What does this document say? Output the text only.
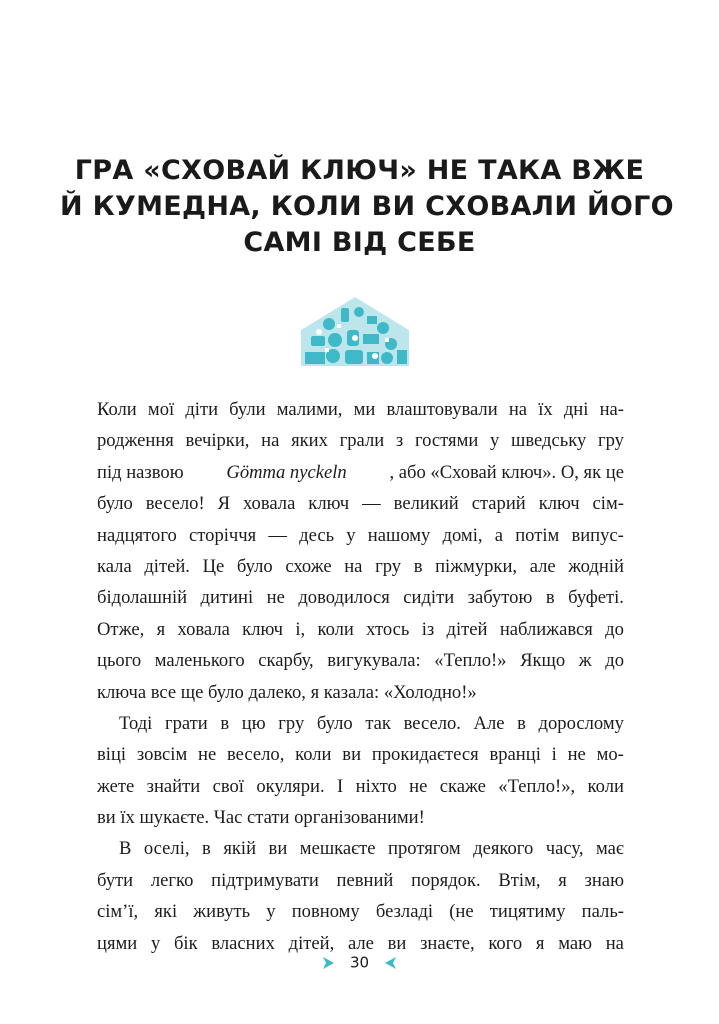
ГРА «СХОВАЙ КЛЮЧ» НЕ ТАКА ВЖЕ
Й КУМЕДНА, КОЛИ ВИ СХОВАЛИ ЙОГО
САМІ ВІД СЕБЕ
Коли мої діти були малими, ми влаштовували на їх дні на-
родження вечірки, на яких грали з гостями у шведську гру
під назвою Gömma nyckeln , або «Сховай ключ». О, як це
було весело! Я ховала ключ — великий старий ключ сім-
надцятого сторіччя — десь у нашому домі, а потім випус-
кала дітей. Це було схоже на гру в піжмурки, але жодній
бідолашній дитині не доводилося сидіти забутою в буфеті.
Отже, я ховала ключ і, коли хтось із дітей наближався до
цього маленького скарбу, вигукувала: «Тепло!» Якщо ж до
ключа все ще було далеко, я казала: «Холодно!»
Тоді грати в цю гру було так весело. Але в дорослому
віці зовсім не весело, коли ви прокидаєтеся вранці і не мо-
жете знайти свої окуляри. І ніхто не скаже «Тепло!», коли
ви їх шукаєте. Час стати організованими!
В оселі, в якій ви мешкаєте протягом деякого часу, має
бути легко підтримувати певний порядок. Втім, я знаю
сім’ї, які живуть у повному безладі (не тицятиму паль-
цями у бік власних дітей, але ви знаєте, кого я маю на
30
